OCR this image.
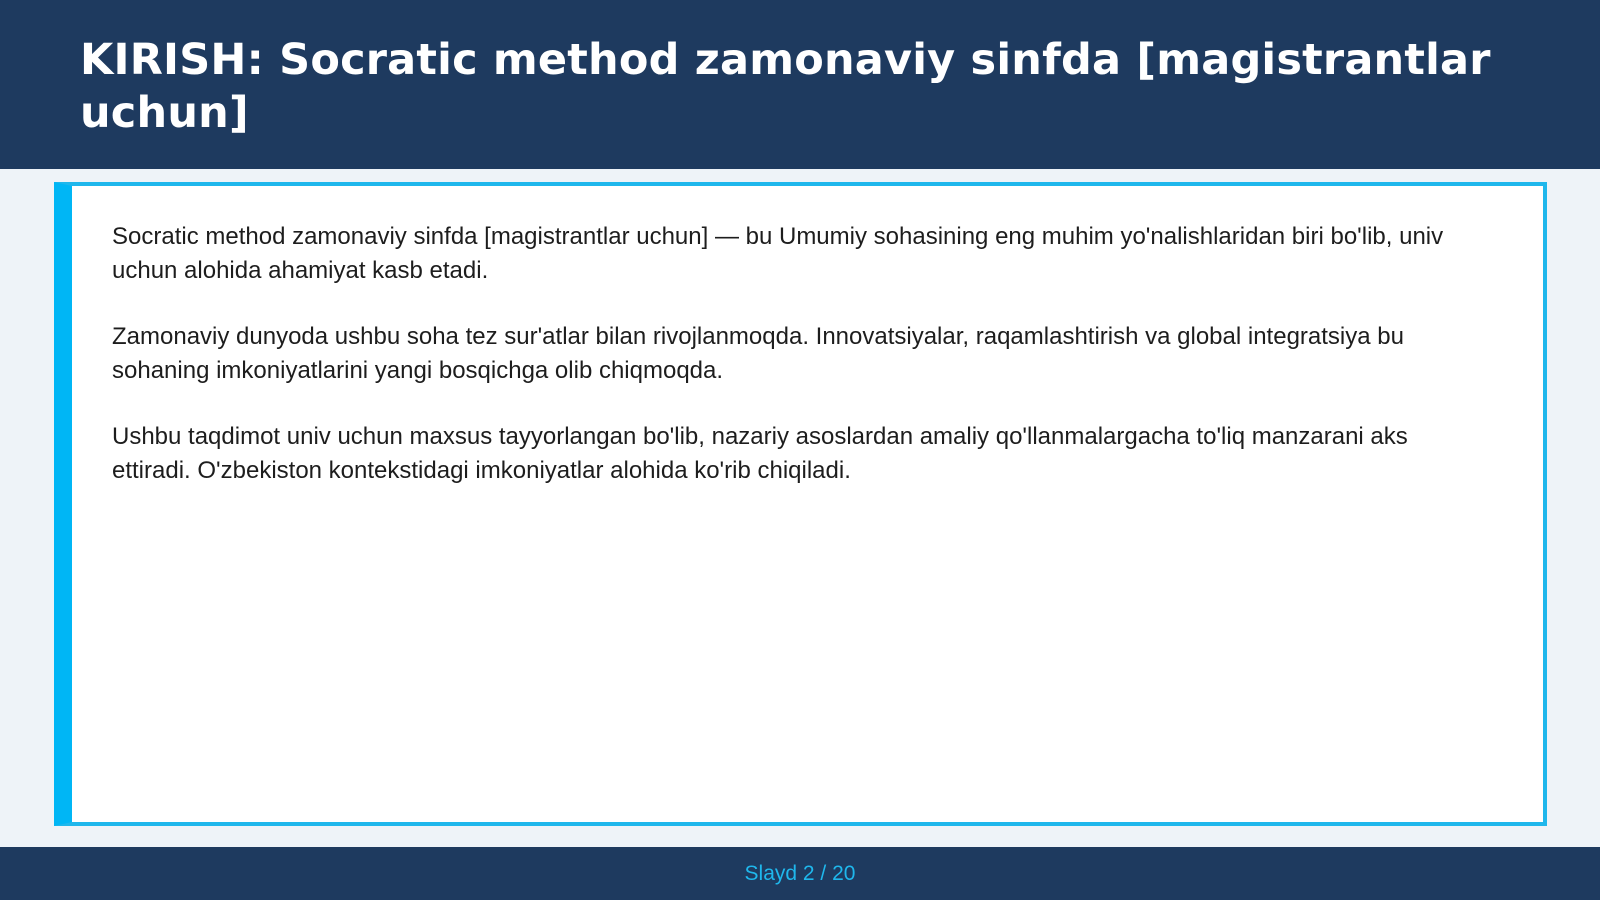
KIRISH: Socratic method zamonaviy sinfda [magistrantlar uchun]

Socratic method zamonaviy sinfda [magistrantlar uchun] — bu Umumiy sohasining eng muhim yo'nalishlaridan biri bo'lib, univ uchun alohida ahamiyat kasb etadi.

Zamonaviy dunyoda ushbu soha tez sur'atlar bilan rivojlanmoqda. Innovatsiyalar, raqamlashtirish va global integratsiya bu sohaning imkoniyatlarini yangi bosqichga olib chiqmoqda.

Ushbu taqdimot univ uchun maxsus tayyorlangan bo'lib, nazariy asoslardan amaliy qo'llanmalargacha to'liq manzarani aks ettiradi. O'zbekiston kontekstidagi imkoniyatlar alohida ko'rib chiqiladi.

Slayd 2 / 20
